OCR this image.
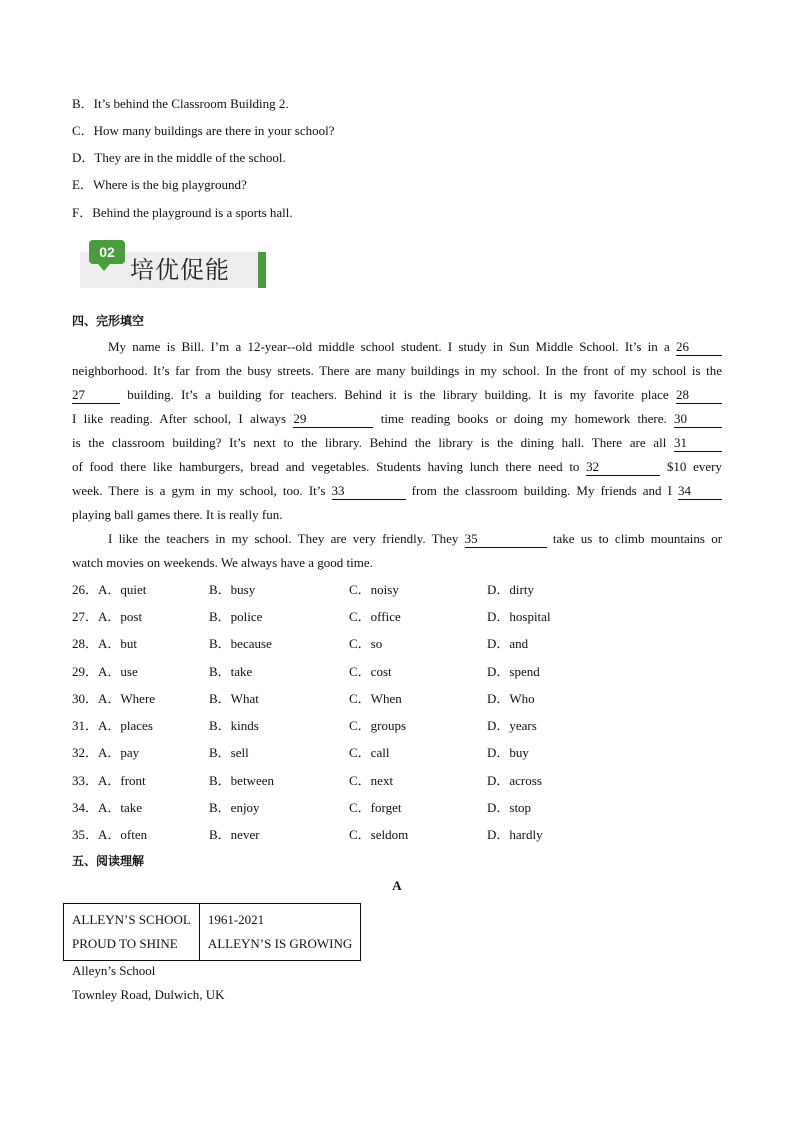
B．It’s behind the Classroom Building 2.
C．How many buildings are there in your school?
D．They are in the middle of the school.
E．Where is the big playground?
F．Behind the playground is a sports hall.
02
培优促能
四、完形填空
My name is Bill. I’m a 12-year--old middle school student. I study in Sun Middle School. It’s in a 26
neighborhood. It’s far from the busy streets. There are many buildings in my school. In the front of my school is the
27	building. It’s a building for teachers. Behind it is the library building. It is my favorite place 28
I like reading. After school, I always 29	time reading books or doing my homework there. 30
is the classroom building? It’s next to the library. Behind the library is the dining hall. There are all 31
of food there like hamburgers, bread and vegetables. Students having lunch there need to 32	$10 every
week. There is a gym in my school, too. It’s 33	from the classroom building. My friends and I 34
playing ball games there. It is really fun.
I like the teachers in my school. They are very friendly. They 35	take us to climb mountains or
watch movies on weekends. We always have a good time.
26．A．quiet	B．busy	C．noisy	D．dirty
27．A．post	B．police	C．office	D．hospital
28．A．but	B．because	C．so	D．and
29．A．use	B．take	C．cost	D．spend
30．A．Where	B．What	C．When	D．Who
31．A．places	B．kinds	C．groups	D．years
32．A．pay	B．sell	C．call	D．buy
33．A．front	B．between	C．next	D．across
34．A．take	B．enjoy	C．forget	D．stop
35．A．often	B．never	C．seldom	D．hardly
五、阅读理解
A
ALLEYN’S SCHOOL
PROUD TO SHINE

1961-2021
ALLEYN’S IS GROWING
Alleyn’s School
Townley Road, Dulwich, UK
